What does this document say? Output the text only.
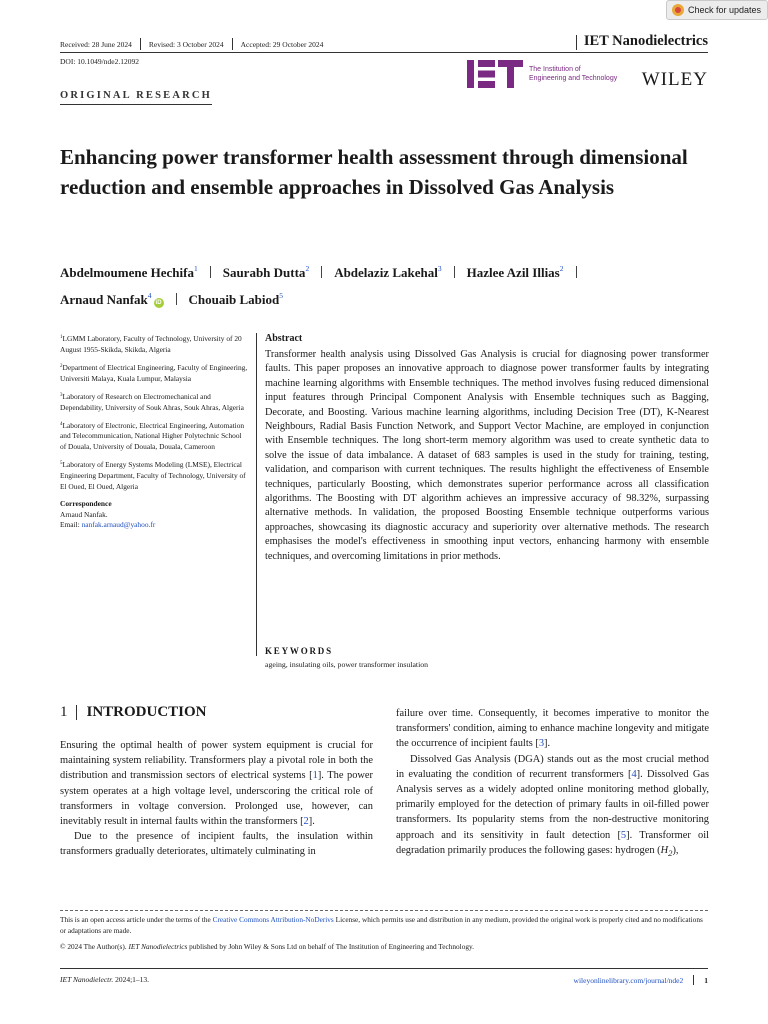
Check for updates
Received: 28 June 2024 Revised: 3 October 2024 Accepted: 29 October 2024	IET Nanodielectrics
DOI: 10.1049/nde2.12092
The Institution of
Engineering and Technology WILEY
ORIGINAL RESEARCH
Enhancing power transformer health assessment through dimensional reduction and ensemble approaches in Dissolved Gas Analysis
Abdelmoumene Hechifa$^1$ Saurabh Dutta$^2$ Abdelaziz Lakehal$^3$ Hazlee Azil Illias$^2$
Arnaud Nanfak$^4$iD Chouaib Labiod$^5$

$^1$LGMM Laboratory, Faculty of Technology, University of 20 August 1955-Skikda, Skikda, Algeria

$^2$Department of Electrical Engineering, Faculty of Engineering, Universiti Malaya, Kuala Lumpur, Malaysia

$^3$Laboratory of Research on Electromechanical and Dependability, University of Souk Ahras, Souk Ahras, Algeria

$^4$Laboratory of Electronic, Electrical Engineering, Automation and Telecommunication, National Higher Polytechnic School of Douala, University of Douala, Douala, Cameroon

$^5$Laboratory of Energy Systems Modeling (LMSE), Electrical Engineering Department, Faculty of Technology, University of El Oued, El Oued, Algeria

Correspondence
Arnaud Nanfak.
Email: nanfak.arnaud@yahoo.fr
Abstract

Transformer health analysis using Dissolved Gas Analysis is crucial for diagnosing power transformer faults. This paper proposes an innovative approach to diagnose power transformer faults by integrating machine learning algorithms with Ensemble techniques. The method involves fusing reduced dimensional input features through Principal Component Analysis with Ensemble techniques such as Bagging, Decorate, and Boosting. Various machine learning algorithms, including Decision Tree (DT), K-Nearest Neighbours, Radial Basis Function Network, and Support Vector Machine, are employed in conjunction with Ensemble techniques. The long short-term memory algorithm was used to create synthetic data to solve the issue of data imbalance. A dataset of 683 samples is used in the study for training, testing, validation, and comparison with current techniques. The results highlight the effectiveness of Ensemble techniques, particularly Boosting, which demonstrates superior performance across all classification algorithms. The Boosting with DT algorithm achieves an impressive accuracy of 98.32%, surpassing alternative methods. In validation, the proposed Boosting Ensemble technique outperforms various approaches, showcasing its diagnostic accuracy and superiority over alternative methods. The research emphasises the model's effectiveness in smoothing input vectors, enhancing harmony with ensemble techniques, and overcoming limitations in prior methods.

KEYWORDS
ageing, insulating oils, power transformer insulation
1 INTRODUCTION

Ensuring the optimal health of power system equipment is crucial for maintaining system reliability. Transformers play a pivotal role in both the distribution and transmission sectors of electrical systems [1]. The power system operates at a high voltage level, underscoring the critical role of transformers in voltage conversion. Prolonged use, however, can inevitably result in internal faults within the transformers [2].

Due to the presence of incipient faults, the insulation within transformers gradually deteriorates, ultimately culminating in

failure over time. Consequently, it becomes imperative to monitor the transformers' condition, aiming to enhance machine longevity and mitigate the occurrence of incipient faults [3].

Dissolved Gas Analysis (DGA) stands out as the most crucial method in evaluating the condition of recurrent transformers [4]. Dissolved Gas Analysis serves as a widely adopted online monitoring method globally, primarily employed for the detection of primary faults in oil-filled power transformers. Its popularity stems from the non-destructive monitoring approach and its sensitivity in fault detection [5]. Transformer oil degradation primarily produces the following gases: hydrogen $(H_2)$,

This is an open access article under the terms of the Creative Commons Attribution-NoDerivs License, which permits use and distribution in any medium, provided the original work is properly cited and no modifications or adaptations are made.

© 2024 The Author(s). IET Nanodielectrics published by John Wiley & Sons Ltd on behalf of The Institution of Engineering and Technology.

IET Nanodielectr. 2024;1–13.	wileyonlinelibrary.com/journal/nde2	1
